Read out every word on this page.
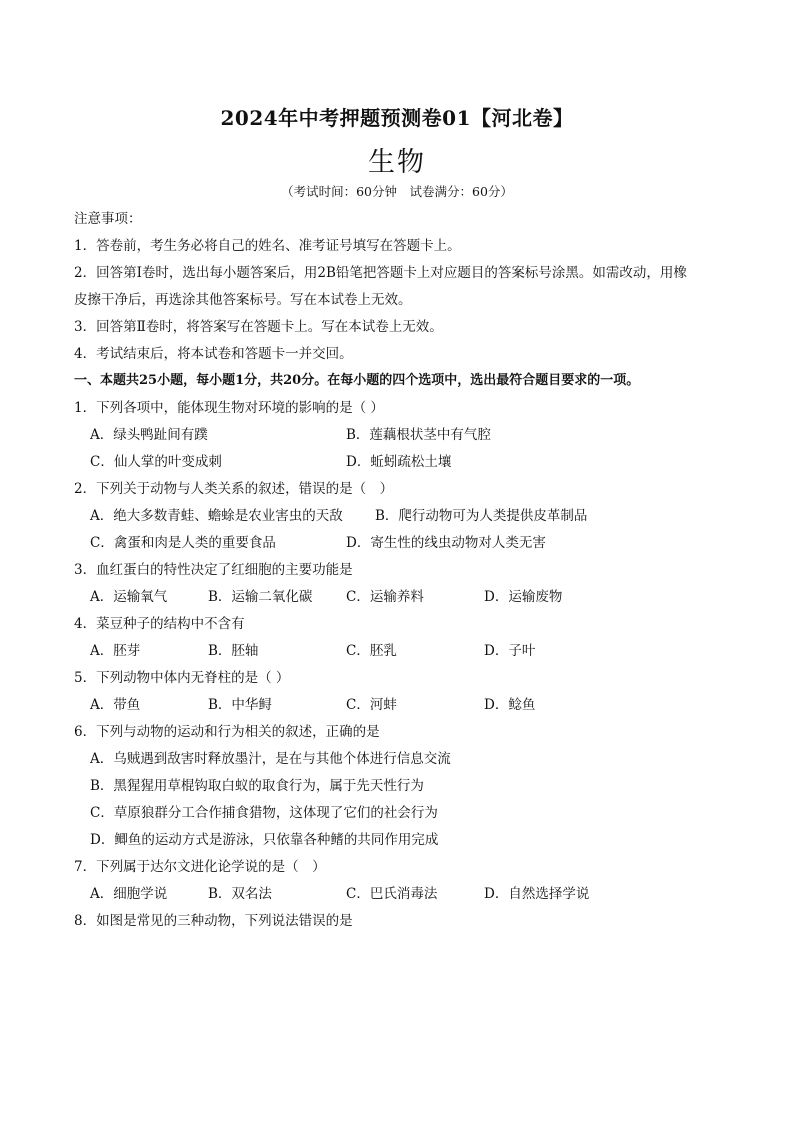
2024年中考押题预测卷01【河北卷】
生物
（考试时间：60分钟　试卷满分：60分）
注意事项：
1．答卷前，考生务必将自己的姓名、准考证号填写在答题卡上。
2．回答第Ⅰ卷时，选出每小题答案后，用2B铅笔把答题卡上对应题目的答案标号涂黑。如需改动，用橡
皮擦干净后，再选涂其他答案标号。写在本试卷上无效。
3．回答第Ⅱ卷时，将答案写在答题卡上。写在本试卷上无效。
4．考试结束后，将本试卷和答题卡一并交回。
一、本题共25小题，每小题1分，共20分。在每小题的四个选项中，选出最符合题目要求的一项。
1．下列各项中，能体现生物对环境的影响的是（ ）
A．绿头鸭趾间有蹼	B．莲藕根状茎中有气腔
C．仙人掌的叶变成刺	D．蚯蚓疏松土壤
2．下列关于动物与人类关系的叙述，错误的是（　）
A．绝大多数青蛙、蟾蜍是农业害虫的天敌 B．爬行动物可为人类提供皮革制品
C．禽蛋和肉是人类的重要食品	D．寄生性的线虫动物对人类无害
3．血红蛋白的特性决定了红细胞的主要功能是
A．运输氧气	B．运输二氧化碳 C．运输养料	D．运输废物
4．菜豆种子的结构中不含有
A．胚芽	B．胚轴	C．胚乳	D．子叶
5．下列动物中体内无脊柱的是（ ）
A．带鱼	B．中华鲟	C．河蚌	D．鲶鱼
6．下列与动物的运动和行为相关的叙述，正确的是
A．乌贼遇到敌害时释放墨汁，是在与其他个体进行信息交流
B．黑猩猩用草棍钩取白蚁的取食行为，属于先天性行为
C．草原狼群分工合作捕食猎物，这体现了它们的社会行为
D．鲫鱼的运动方式是游泳，只依靠各种鳍的共同作用完成
7．下列属于达尔文进化论学说的是（　）
A．细胞学说	B．双名法	C．巴氏消毒法	D．自然选择学说
8．如图是常见的三种动物，下列说法错误的是
